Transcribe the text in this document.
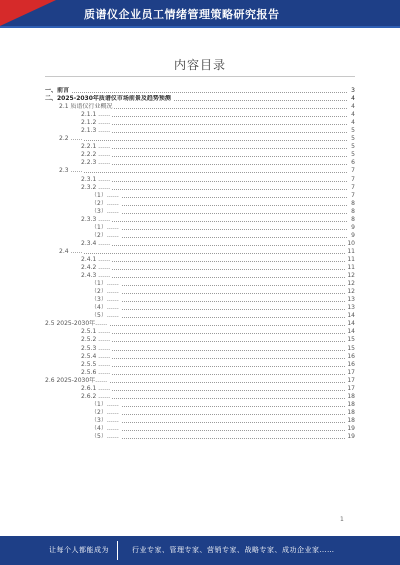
质谱仪企业员工情绪管理策略研究报告
内容目录
一、前言	3
二、2025-2030年质谱仪市场前景及趋势预测	4
2.1 质谱仪行业概况	4
2.1.1 ……	4
2.1.2 ……	4
2.1.3 ……	5
2.2 ……	5
2.2.1 ……	5
2.2.2 ……	5
2.2.3 ……	6
2.3 ……	7
2.3.1 ……	7
2.3.2 ……	7
（1）……	7
（2）……	8
（3）……	8
2.3.3 ……	8
（1）……	9
（2）……	9
2.3.4 ……	10
2.4 ……	11
2.4.1 ……	11
2.4.2 ……	11
2.4.3 ……	12
（1）……	12
（2）……	12
（3）……	13
（4）……	13
（5）……	14
2.5 2025-2030年……	14
2.5.1 ……	14
2.5.2 ……	15
2.5.3 ……	15
2.5.4 ……	16
2.5.5 ……	16
2.5.6 ……	17
2.6 2025-2030年……	17
2.6.1 ……	17
2.6.2 ……	18
（1）……	18
（2）……	18
（3）……	18
（4）……	19
（5）……	19
1
让每个人都能成为	行业专家、管理专家、营销专家、战略专家、成功企业家……
